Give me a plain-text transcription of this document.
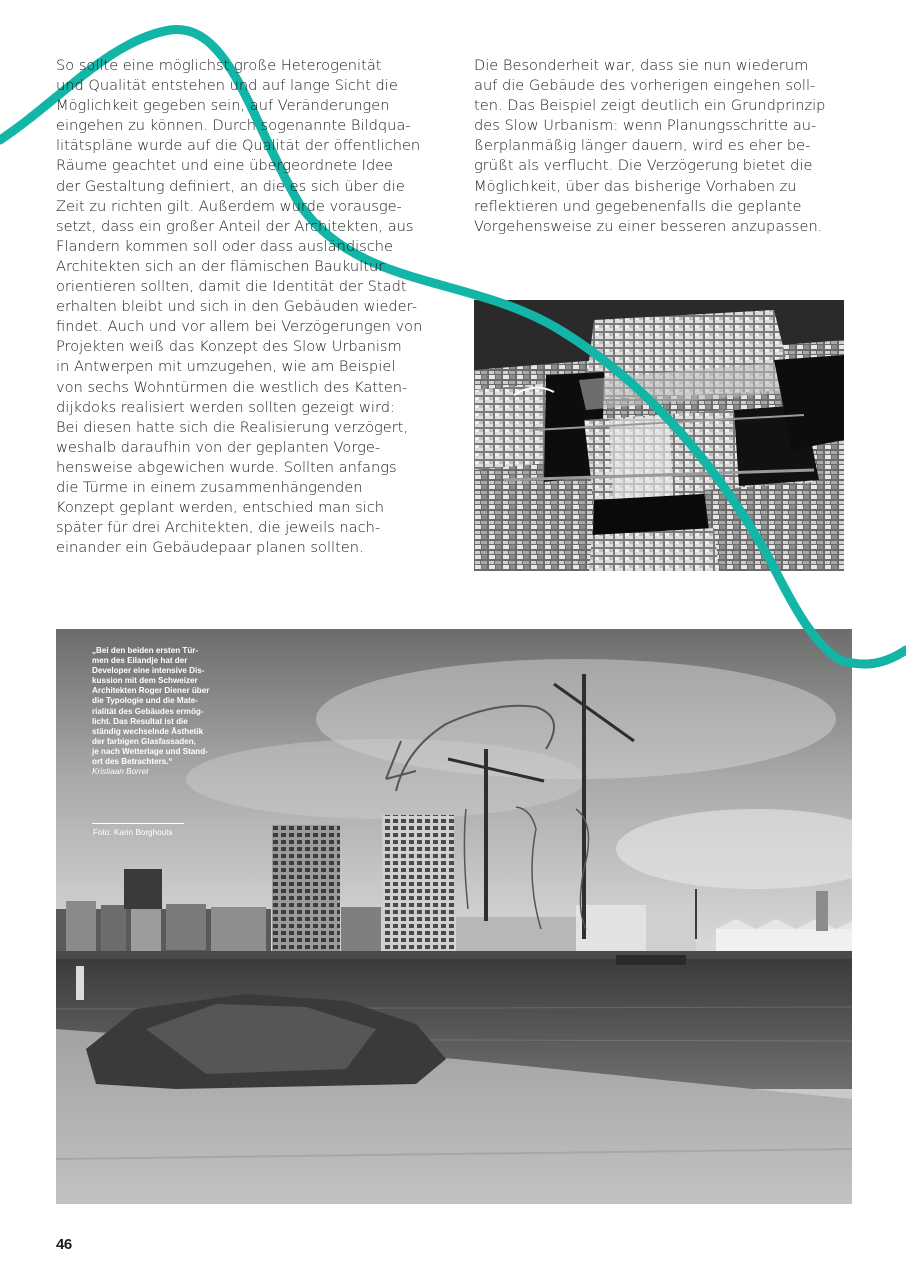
So sollte eine möglichst große Heterogenität
und Qualität entstehen und auf lange Sicht die
Möglichkeit gegeben sein, auf Veränderungen
eingehen zu können. Durch sogenannte Bildqua-
litätspläne wurde auf die Qualität der öffentlichen
Räume geachtet und eine übergeordnete Idee
der Gestaltung definiert, an die es sich über die
Zeit zu richten gilt. Außerdem wurde vorausge-
setzt, dass ein großer Anteil der Architekten, aus
Flandern kommen soll oder dass ausländische
Architekten sich an der flämischen Baukultur
orientieren sollten, damit die Identität der Stadt
erhalten bleibt und sich in den Gebäuden wieder-
findet. Auch und vor allem bei Verzögerungen von
Projekten weiß das Konzept des Slow Urbanism
in Antwerpen mit umzugehen, wie am Beispiel
von sechs Wohntürmen die westlich des Katten-
dijkdoks realisiert werden sollten gezeigt wird:
Bei diesen hatte sich die Realisierung verzögert,
weshalb daraufhin von der geplanten Vorge-
hensweise abgewichen wurde. Sollten anfangs
die Türme in einem zusammenhängenden
Konzept geplant werden, entschied man sich
später für drei Architekten, die jeweils nach-
einander ein Gebäudepaar planen sollten.
Die Besonderheit war, dass sie nun wiederum
auf die Gebäude des vorherigen eingehen soll-
ten. Das Beispiel zeigt deutlich ein Grundprinzip
des Slow Urbanism: wenn Planungsschritte au-
ßerplanmäßig länger dauern, wird es eher be-
grüßt als verflucht. Die Verzögerung bietet die
Möglichkeit, über das bisherige Vorhaben zu
reflektieren und gegebenenfalls die geplante
Vorgehensweise zu einer besseren anzupassen.
„Bei den beiden ersten Tür-
men des Eilandje hat der
Developer eine intensive Dis-
kussion mit dem Schweizer
Architekten Roger Diener über
die Typologie und die Mate-
rialität des Gebäudes ermög-
licht. Das Resultat ist die
ständig wechselnde Ästhetik
der farbigen Glasfassaden,
je nach Wetterlage und Stand-
ort des Betrachters.“
Kristiaan Borret
Foto: Karin Borghouts
46
